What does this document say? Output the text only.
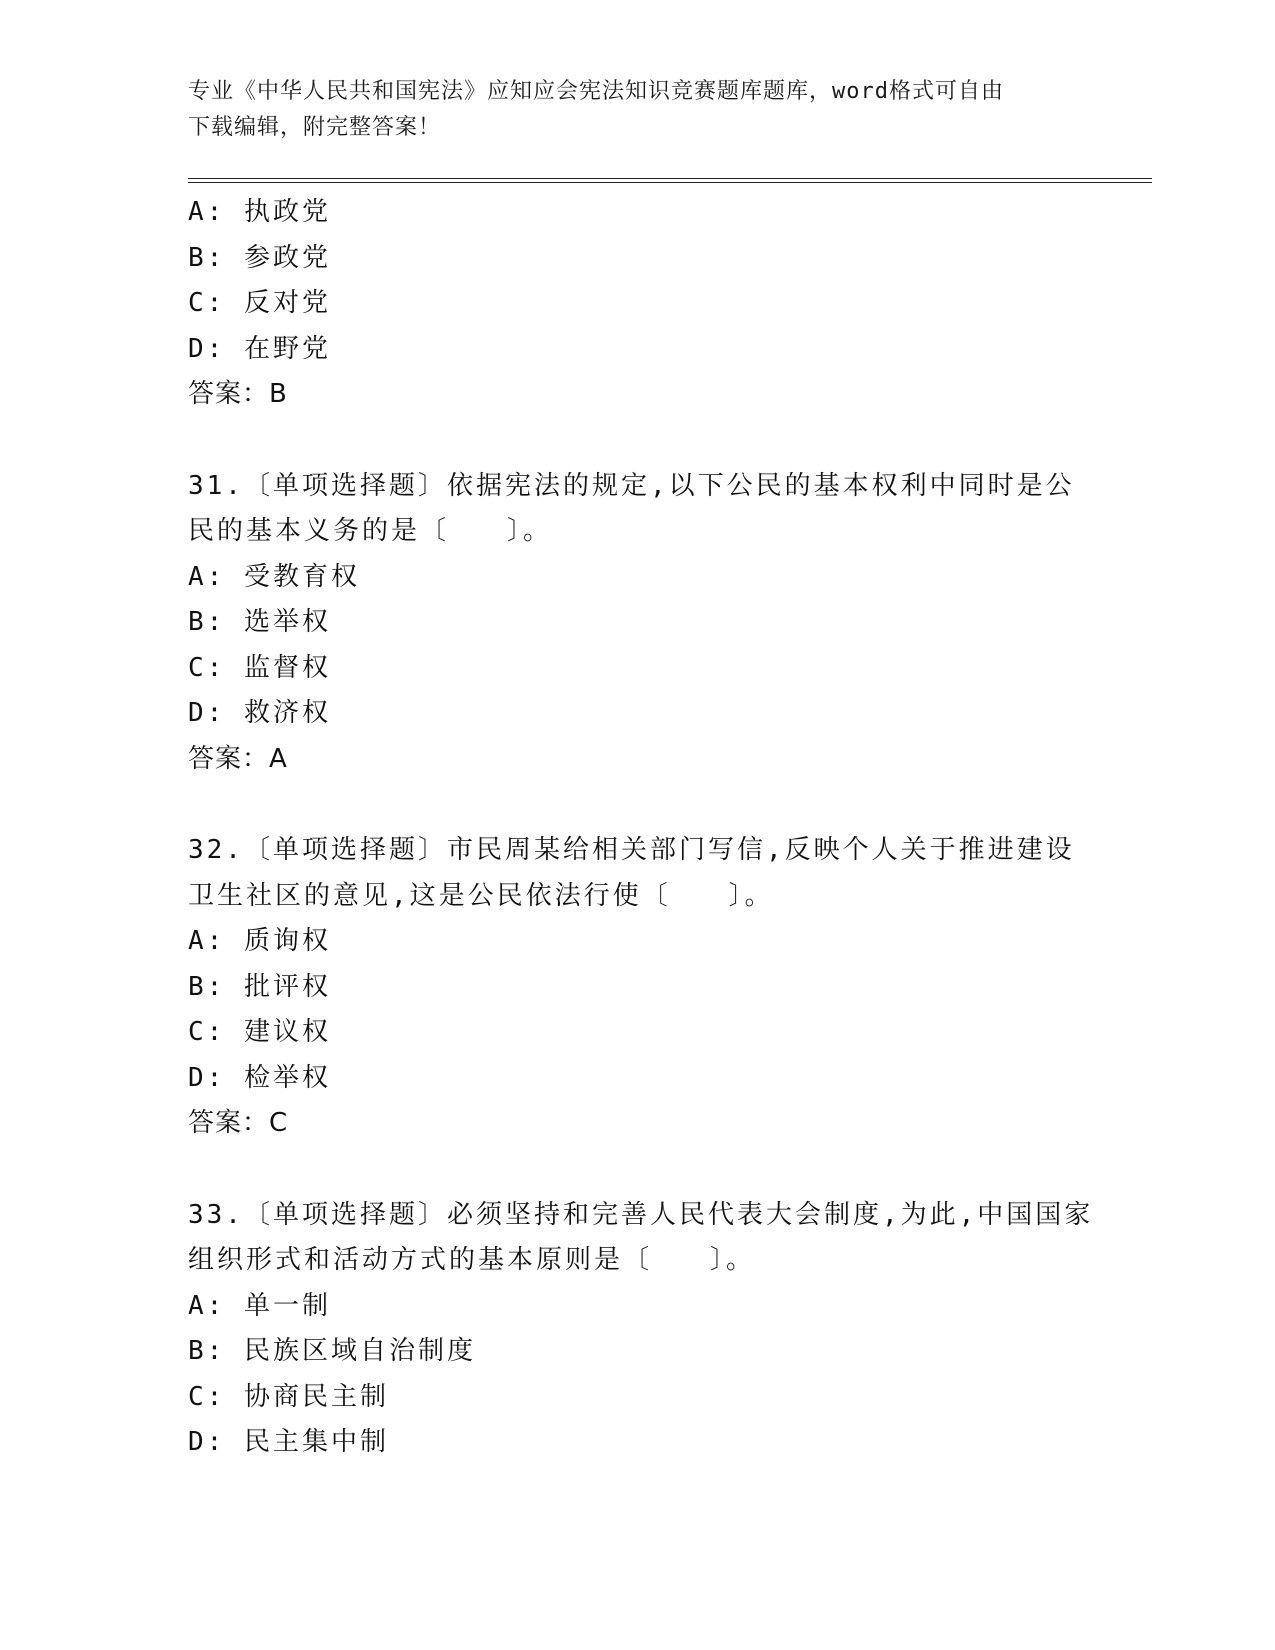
专业《中华人民共和国宪法》应知应会宪法知识竞赛题库题库，word格式可自由
下载编辑，附完整答案！
A: 执政党
B: 参政党
C: 反对党
D: 在野党
答案：B
31.〔单项选择题〕依据宪法的规定,以下公民的基本权利中同时是公
民的基本义务的是〔　　〕。
A: 受教育权
B: 选举权
C: 监督权
D: 救济权
答案：A
32.〔单项选择题〕市民周某给相关部门写信,反映个人关于推进建设
卫生社区的意见,这是公民依法行使〔　　〕。
A: 质询权
B: 批评权
C: 建议权
D: 检举权
答案：C
33.〔单项选择题〕必须坚持和完善人民代表大会制度,为此,中国国家
组织形式和活动方式的基本原则是〔　　〕。
A: 单一制
B: 民族区域自治制度
C: 协商民主制
D: 民主集中制
